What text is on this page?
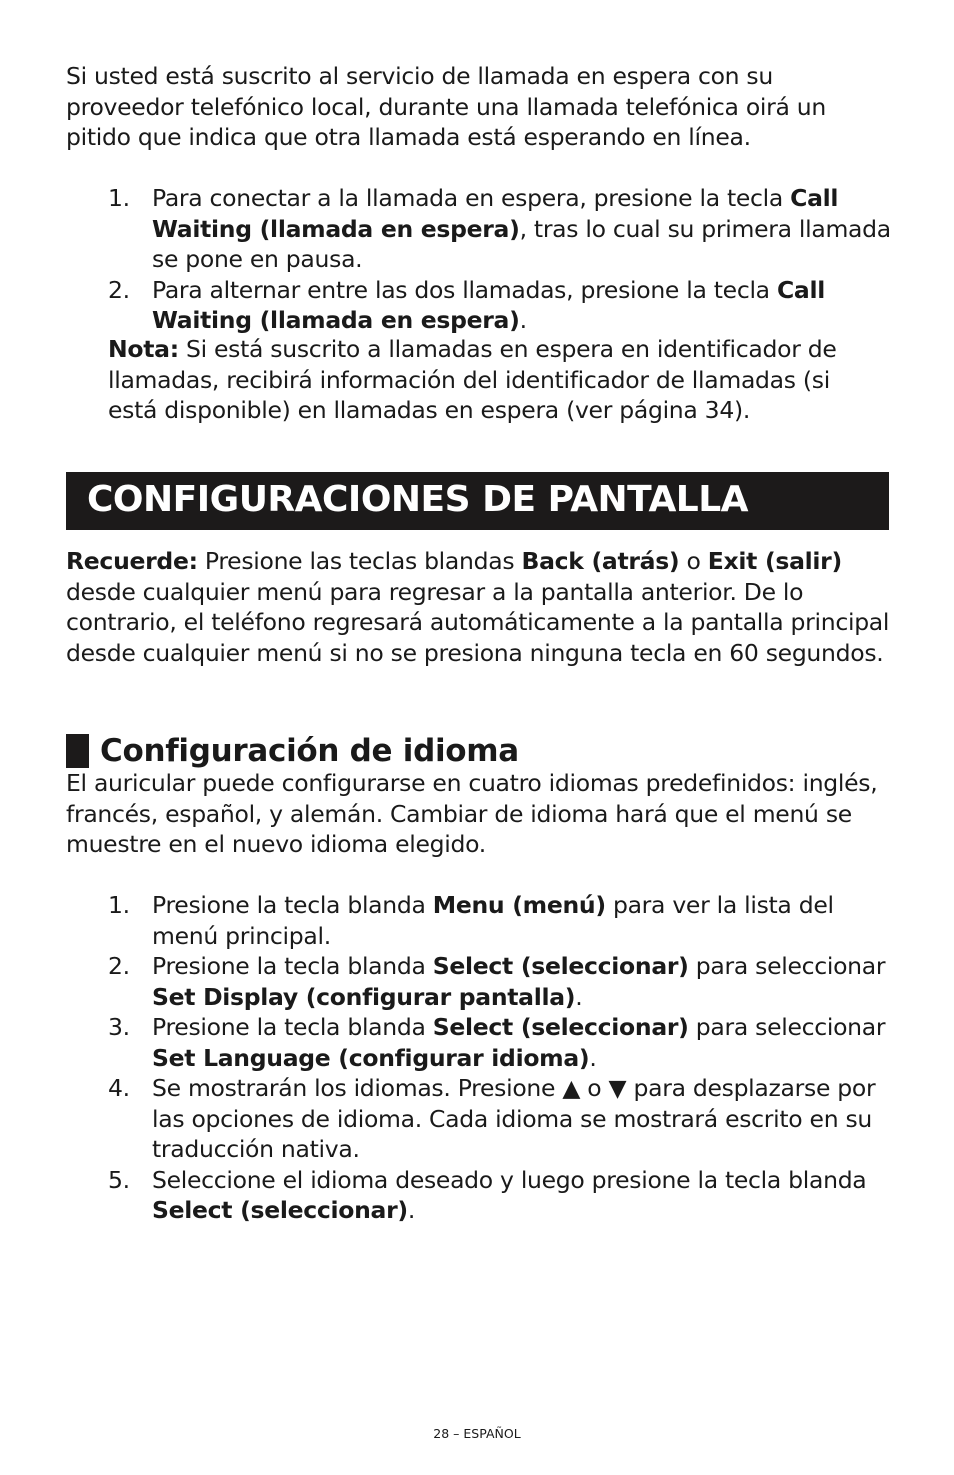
Si usted está suscrito al servicio de llamada en espera con su proveedor telefónico local, durante una llamada telefónica oirá un pitido que indica que otra llamada está esperando en línea.

1. Para conectar a la llamada en espera, presione la tecla Call Waiting (llamada en espera), tras lo cual su primera llamada se pone en pausa.
2. Para alternar entre las dos llamadas, presione la tecla Call Waiting (llamada en espera).

Nota: Si está suscrito a llamadas en espera en identificador de llamadas, recibirá información del identificador de llamadas (si está disponible) en llamadas en espera (ver página 34).

CONFIGURACIONES DE PANTALLA

Recuerde: Presione las teclas blandas Back (atrás) o Exit (salir) desde cualquier menú para regresar a la pantalla anterior. De lo contrario, el teléfono regresará automáticamente a la pantalla principal desde cualquier menú si no se presiona ninguna tecla en 60 segundos.

Configuración de idioma

El auricular puede configurarse en cuatro idiomas predefinidos: inglés, francés, español, y alemán. Cambiar de idioma hará que el menú se muestre en el nuevo idioma elegido.

1. Presione la tecla blanda Menu (menú) para ver la lista del menú principal.
2. Presione la tecla blanda Select (seleccionar) para seleccionar Set Display (configurar pantalla).
3. Presione la tecla blanda Select (seleccionar) para seleccionar Set Language (configurar idioma).
4. Se mostrarán los idiomas. Presione ▲ o ▼ para desplazarse por las opciones de idioma. Cada idioma se mostrará escrito en su traducción nativa.
5. Seleccione el idioma deseado y luego presione la tecla blanda Select (seleccionar).
28 – ESPAÑOL
